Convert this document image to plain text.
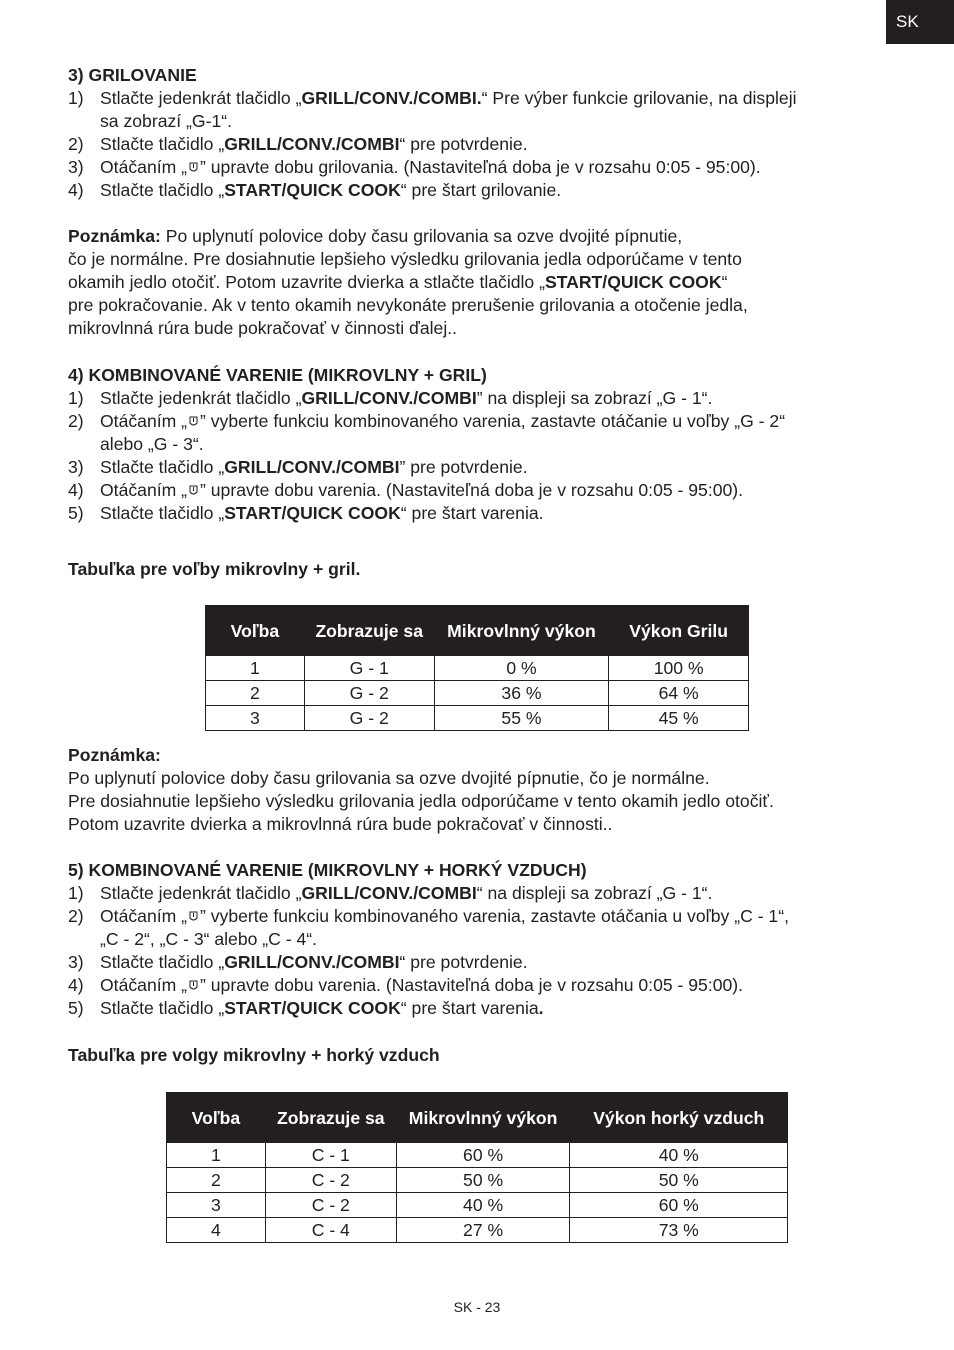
SK
3) GRILOVANIE
1) Stlačte jedenkrát tlačidlo „GRILL/CONV./COMBI.“ Pre výber funkcie grilovanie, na displeji
sa zobrazí „G-1“.
2) Stlačte tlačidlo „GRILL/CONV./COMBI“ pre potvrdenie.
3) Otáčaním „ ” upravte dobu grilovania. (Nastaviteľná doba je v rozsahu 0:05 - 95:00).
4) Stlačte tlačidlo „START/QUICK COOK“ pre štart grilovanie.
Poznámka: Po uplynutí polovice doby času grilovania sa ozve dvojité pípnutie,
čo je normálne. Pre dosiahnutie lepšieho výsledku grilovania jedla odporúčame v tento
okamih jedlo otočiť. Potom uzavrite dvierka a stlačte tlačidlo „START/QUICK COOK“
pre pokračovanie. Ak v tento okamih nevykonáte prerušenie grilovania a otočenie jedla,
mikrovlnná rúra bude pokračovať v činnosti ďalej..
4) KOMBINOVANÉ VARENIE (MIKROVLNY + GRIL)
1) Stlačte jedenkrát tlačidlo „GRILL/CONV./COMBI” na displeji sa zobrazí „G - 1“.
2) Otáčaním „ ” vyberte funkciu kombinovaného varenia, zastavte otáčanie u voľby „G - 2“
alebo „G - 3“.
3) Stlačte tlačidlo „GRILL/CONV./COMBI” pre potvrdenie.
4) Otáčaním „ ” upravte dobu varenia. (Nastaviteľná doba je v rozsahu 0:05 - 95:00).
5) Stlačte tlačidlo „START/QUICK COOK“ pre štart varenia.
Tabuľka pre voľby mikrovlny + gril.
Voľba	Zobrazuje sa	Mikrovlnný výkon	Výkon Grilu
1	G - 1	0 %	100 %
2	G - 2	36 %	64 %
3	G - 2	55 %	45 %
Poznámka:
Po uplynutí polovice doby času grilovania sa ozve dvojité pípnutie, čo je normálne.
Pre dosiahnutie lepšieho výsledku grilovania jedla odporúčame v tento okamih jedlo otočiť.
Potom uzavrite dvierka a mikrovlnná rúra bude pokračovať v činnosti..
5) KOMBINOVANÉ VARENIE (MIKROVLNY + HORKÝ VZDUCH)
1) Stlačte jedenkrát tlačidlo „GRILL/CONV./COMBI“ na displeji sa zobrazí „G - 1“.
2) Otáčaním „ ” vyberte funkciu kombinovaného varenia, zastavte otáčania u voľby „C - 1“,
„C - 2“, „C - 3“ alebo „C - 4“.
3) Stlačte tlačidlo „GRILL/CONV./COMBI“ pre potvrdenie.
4) Otáčaním „ ” upravte dobu varenia. (Nastaviteľná doba je v rozsahu 0:05 - 95:00).
5) Stlačte tlačidlo „START/QUICK COOK“ pre štart varenia.
Tabuľka pre volgy mikrovlny + horký vzduch
Voľba	Zobrazuje sa	Mikrovlnný výkon	Výkon horký vzduch
1	C - 1	60 %	40 %
2	C - 2	50 %	50 %
3	C - 2	40 %	60 %
4	C - 4	27 %	73 %
SK - 23
